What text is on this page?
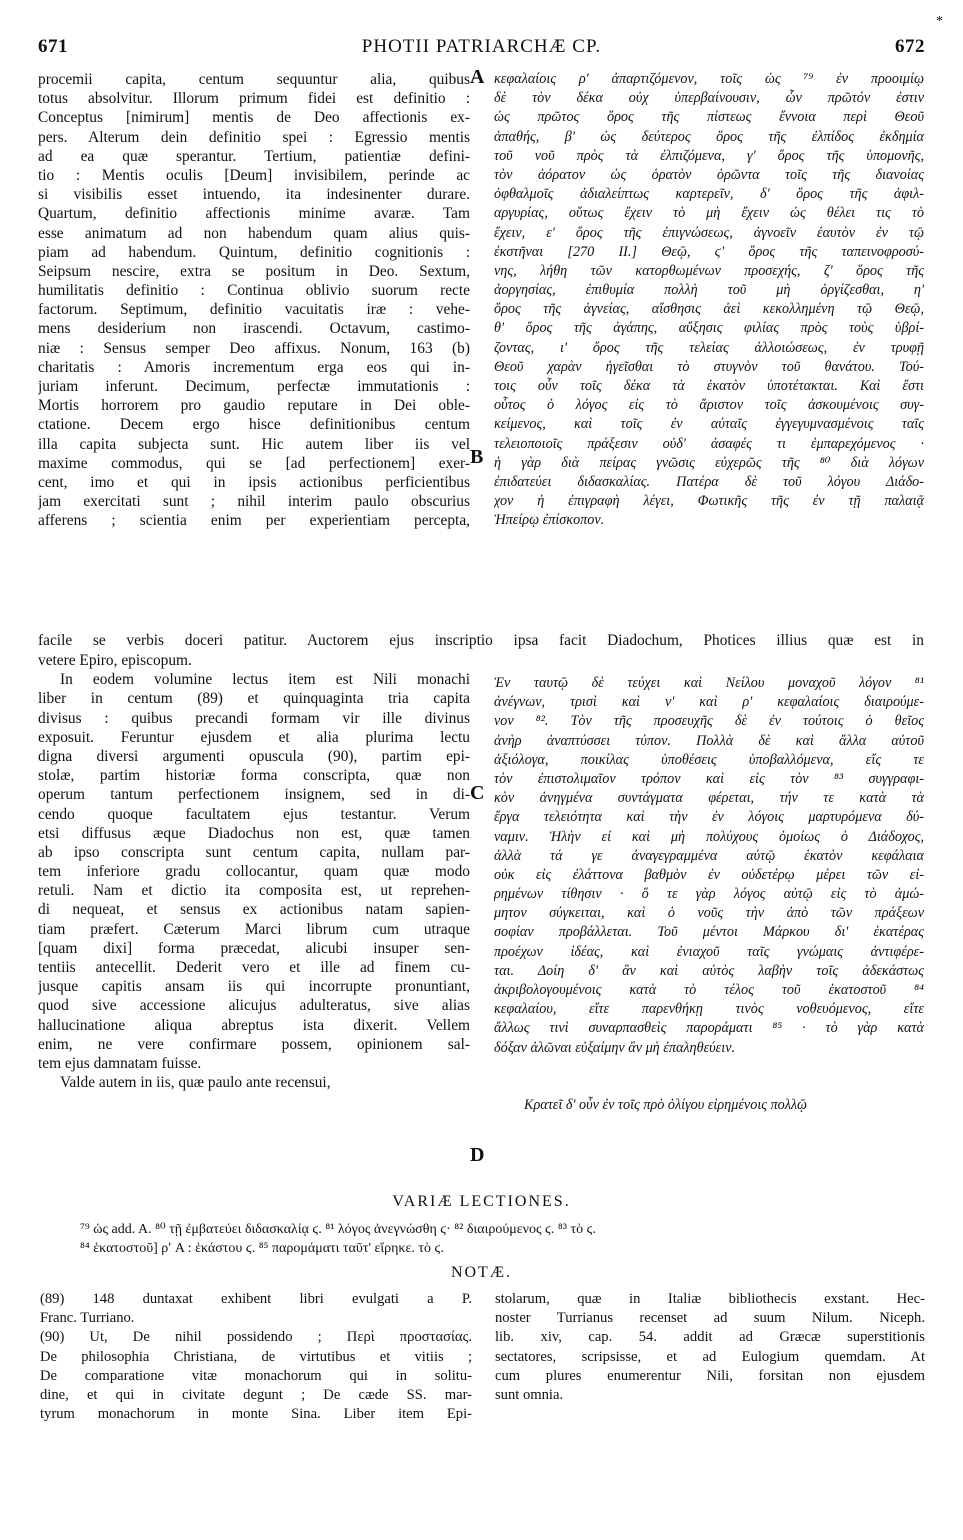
671	PHOTII PATRIARCHÆ CP.	672
*
A
B
C
D
procemii capita, centum sequuntur alia, quibus
totus absolvitur. Illorum primum fidei est definitio :
Conceptus [nimirum] mentis de Deo affectionis ex-
pers. Alterum dein definitio spei : Egressio mentis
ad ea quæ sperantur. Tertium, patientiæ defini-
tio : Mentis oculis [Deum] invisibilem, perinde ac
si visibilis esset intuendo, ita indesinenter durare.
Quartum, definitio affectionis minime avaræ. Tam
esse animatum ad non habendum quam alius quis-
piam ad habendum. Quintum, definitio cognitionis :
Seipsum nescire, extra se positum in Deo. Sextum,
humilitatis definitio : Continua oblivio suorum recte
factorum. Septimum, definitio vacuitatis iræ : vehe-
mens desiderium non irascendi. Octavum, castimo-
niæ : Sensus semper Deo affixus. Nonum, 163 (b)
charitatis : Amoris incrementum erga eos qui in-
juriam inferunt. Decimum, perfectæ immutationis :
Mortis horrorem pro gaudio reputare in Dei oble-
ctatione. Decem ergo hisce definitionibus centum
illa capita subjecta sunt. Hic autem liber iis vel
maxime commodus, qui se [ad perfectionem] exer-
cent, imo et qui in ipsis actionibus perficientibus
jam exercitati sunt ; nihil interim paulo obscurius
afferens ; scientia enim per experientiam percepta,
κεφαλαίοις ρʹ ἀπαρτιζόμενον, τοῖς ὡς ⁷⁹ ἐν προοιμίῳ
δὲ τὸν δέκα οὐχ ὑπερβαίνουσιν, ὧν πρῶτόν ἐστιν
ὡς πρῶτος ὅρος τῆς πίστεως ἔννοια περὶ Θεοῦ
ἀπαθής, βʹ ὡς δεύτερος ὅρος τῆς ἐλπίδος ἐκδημία
τοῦ νοῦ πρὸς τὰ ἐλπιζόμενα, γʹ ὅρος τῆς ὑπομονῆς,
τὸν ἀόρατον ὡς ὁρατὸν ὁρῶντα τοῖς τῆς διανοίας
ὀφθαλμοῖς ἀδιαλείπτως καρτερεῖν, δʹ ὅρος τῆς ἀφιλ-
αργυρίας, οὕτως ἔχειν τὸ μὴ ἔχειν ὡς θέλει τις τὸ
ἔχειν, εʹ ὅρος τῆς ἐπιγνώσεως, ἀγνοεῖν ἑαυτὸν ἐν τῷ
ἐκστῆναι [270 II.] Θεῷ, ϛʹ ὅρος τῆς ταπεινοφροσύ-
νης, λήθη τῶν κατορθωμένων προσεχής, ζʹ ὅρος τῆς
ἀοργησίας, ἐπιθυμία πολλὴ τοῦ μὴ ὀργίζεσθαι, ηʹ
ὅρος τῆς ἁγνείας, αἴσθησις ἀεὶ κεκολλημένη τῷ Θεῷ,
θʹ ὅρος τῆς ἀγάπης, αὔξησις φιλίας πρὸς τοὺς ὑβρί-
ζοντας, ιʹ ὅρος τῆς τελείας ἀλλοιώσεως, ἐν τρυφῇ
Θεοῦ χαρὰν ἡγεῖσθαι τὸ στυγνὸν τοῦ θανάτου. Τού-
τοις οὖν τοῖς δέκα τὰ ἑκατὸν ὑποτέτακται. Καὶ ἔστι
οὗτος ὁ λόγος εἰς τὸ ἄριστον τοῖς ἀσκουμένοις συγ-
κείμενος, καὶ τοῖς ἐν αὐταῖς ἐγγεγυμνασμένοις ταῖς
τελειοποιοῖς πράξεσιν οὐδ' ἀσαφές τι ἐμπαρεχόμενος ·
ἡ γὰρ διὰ πείρας γνῶσις εὐχερῶς τῆς ⁸⁰ διὰ λόγων
ἐπιδατεύει διδασκαλίας. Πατέρα δὲ τοῦ λόγου Διάδο-
χον ἡ ἐπιγραφὴ λέγει, Φωτικῆς τῆς ἐν τῇ παλαιᾷ
Ἠπείρῳ ἐπίσκοπον.
facile se verbis doceri patitur. Auctorem ejus inscriptio ipsa facit Diadochum, Photices illius quæ est in
vetere Epiro, episcopum.
In eodem volumine lectus item est Nili monachi
liber in centum (89) et quinquaginta tria capita
divisus : quibus precandi formam vir ille divinus
exposuit. Feruntur ejusdem et alia plurima lectu
digna diversi argumenti opuscula (90), partim epi-
stolæ, partim historiæ forma conscripta, quæ non
operum tantum perfectionem insignem, sed in di-
cendo quoque facultatem ejus testantur. Verum
etsi diffusus æque Diadochus non est, quæ tamen
ab ipso conscripta sunt centum capita, nullam par-
tem inferiore gradu collocantur, quam quæ modo
retuli. Nam et dictio ita composita est, ut reprehen-
di nequeat, et sensus ex actionibus natam sapien-
tiam præfert. Cæterum Marci librum cum utraque
[quam dixi] forma præcedat, alicubi insuper sen-
tentiis antecellit. Dederit vero et ille ad finem cu-
jusque capitis ansam iis qui incorrupte pronuntiant,
quod sive accessione alicujus adulteratus, sive alias
hallucinatione aliqua abreptus ista dixerit. Vellem
enim, ne vere confirmare possem, opinionem sal-
tem ejus damnatam fuisse.
Valde autem in iis, quæ paulo ante recensui,
Ἐν ταυτῷ δὲ τεύχει καὶ Νείλου μοναχοῦ λόγον ⁸¹
ἀνέγνων, τρισὶ καὶ νʹ καὶ ρʹ κεφαλαίοις διαιρούμε-
νον ⁸². Τὸν τῆς προσευχῆς δὲ ἐν τούτοις ὁ θεῖος
ἀνὴρ ἀναπτύσσει τύπον. Πολλὰ δὲ καὶ ἄλλα αὐτοῦ
ἀξιόλογα, ποικίλας ὑποθέσεις ὑποβαλλόμενα, εἴς τε
τὸν ἐπιστολιμαῖον τρόπον καὶ εἰς τὸν ⁸³ συγγραφι-
κὸν ἀνηγμένα συντάγματα φέρεται, τήν τε κατὰ τὰ
ἔργα τελειότητα καὶ τὴν ἐν λόγοις μαρτυρόμενα δύ-
ναμιν. Ἠλὴν εἰ καὶ μὴ πολύχους ὁμοίως ὁ Διάδοχος,
ἀλλὰ τά γε ἀναγεγραμμένα αὐτῷ ἑκατὸν κεφάλαια
οὐκ εἰς ἐλάττονα βαθμὸν ἐν οὐδετέρῳ μέρει τῶν εἰ-
ρημένων τίθησιν · ὅ τε γὰρ λόγος αὐτῷ εἰς τὸ ἀμώ-
μητον σύγκειται, καὶ ὁ νοῦς τὴν ἀπὸ τῶν πράξεων
σοφίαν προβάλλεται. Τοῦ μέντοι Μάρκου δι' ἑκατέρας
πρoέχων ἰδέας, καὶ ἐνιαχοῦ ταῖς γνώμαις ἀντιφέρε-
ται. Δοίη δ' ἂν καὶ αὐτὸς λαβὴν τοῖς ἀδεκάστως
ἀκριβολογουμένοις κατὰ τὸ τέλος τοῦ ἑκατοστοῦ ⁸⁴
κεφαλαίου, εἴτε παρενθήκῃ τινὸς νοθευόμενος, εἴτε
ἄλλως τινὶ συναρπασθεὶς παροράματι ⁸⁵ · τὸ γὰρ κατὰ
δόξαν ἀλῶναι εὐξαίμην ἂν μὴ ἐπαληθεύειν.
Κρατεῖ δ' οὖν ἐν τοῖς πρὸ ὀλίγου εἰρημένοις πολλῷ
VARIÆ LECTIONES.
⁷⁹ ὡς add. A. ⁸⁰ τῇ ἐμβατεύει διδασκαλίᾳ ϛ. ⁸¹ λόγος ἀνεγνώσθη ϛ· ⁸² διαιρούμενος ϛ. ⁸³ τὸ ϛ.
⁸⁴ ἑκατοστοῦ] ρʹ A : ἑκάστου ϛ. ⁸⁵ παρομάματι ταῦτ' εἴρηκε. τὸ ϛ.
NOTÆ.
(89) 148 duntaxat exhibent libri evulgati a P.
Franc. Turriano.
(90) Ut, De nihil possidendo ; Περὶ προστασίας.
De philosophia Christiana, de virtutibus et vitiis ;
De comparatione vitæ monachorum qui in solitu-
dine, et qui in civitate degunt ; De cæde SS. mar-
tyrum monachorum in monte Sina. Liber item Epi-
stolarum, quæ in Italiæ bibliothecis exstant. Hec-
noster Turrianus recenset ad suum Nilum. Niceph.
lib. xiv, cap. 54. addit ad Græcæ superstitionis
sectatores, scripsisse, et ad Eulogium quemdam. At
cum plures enumerentur Nili, forsitan non ejusdem
sunt omnia.
